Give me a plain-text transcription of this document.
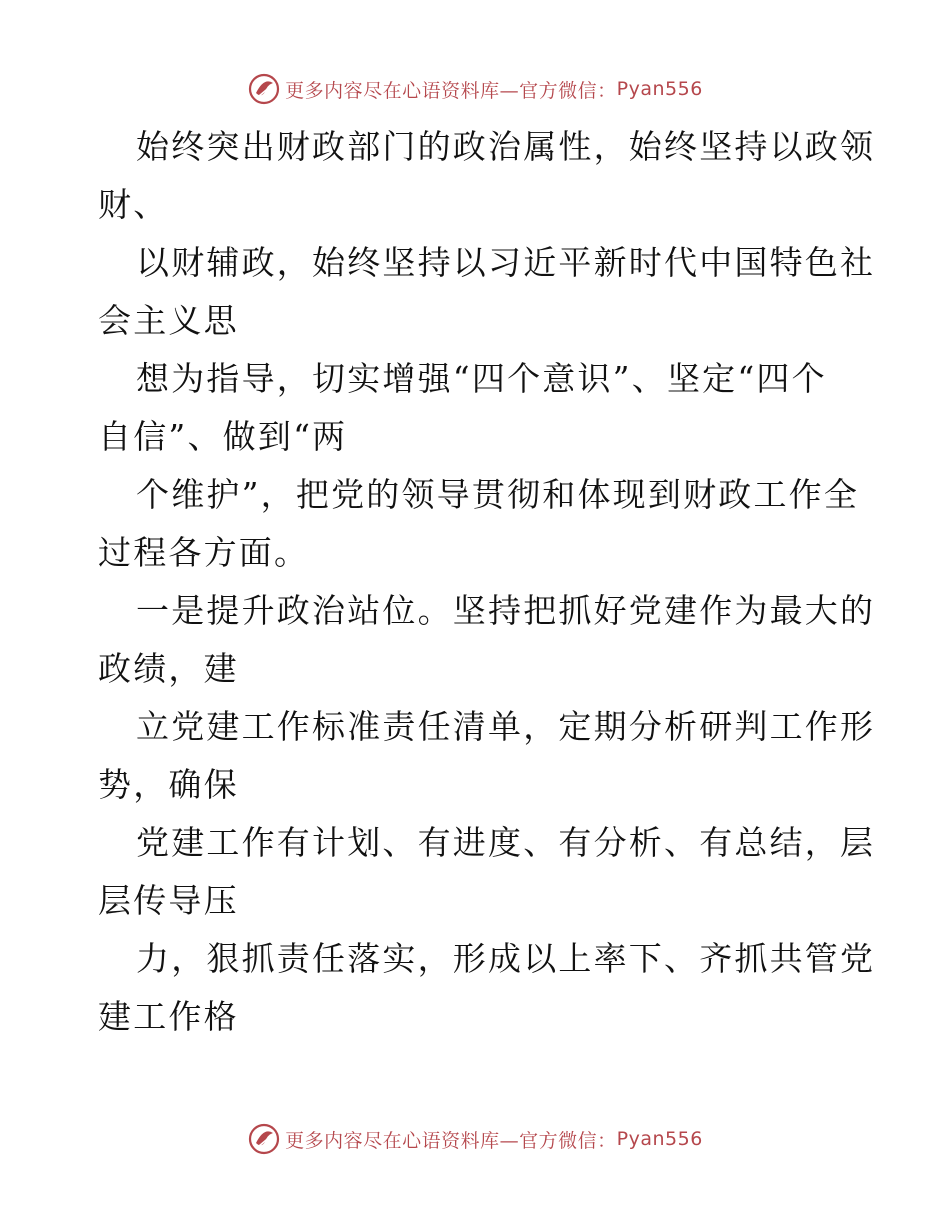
更多内容尽在心语资料库—官方微信： Pyan556
始终突出财政部门的政治属性，始终坚持以政领
财、
以财辅政，始终坚持以习近平新时代中国特色社
会主义思
想为指导，切实增强“四个意识”、坚定“四个
自信”、做到“两
个维护”，把党的领导贯彻和体现到财政工作全
过程各方面。
一是提升政治站位。坚持把抓好党建作为最大的
政绩，建
立党建工作标准责任清单，定期分析研判工作形
势，确保
党建工作有计划、有进度、有分析、有总结，层
层传导压
力，狠抓责任落实，形成以上率下、齐抓共管党
建工作格
更多内容尽在心语资料库—官方微信： Pyan556
